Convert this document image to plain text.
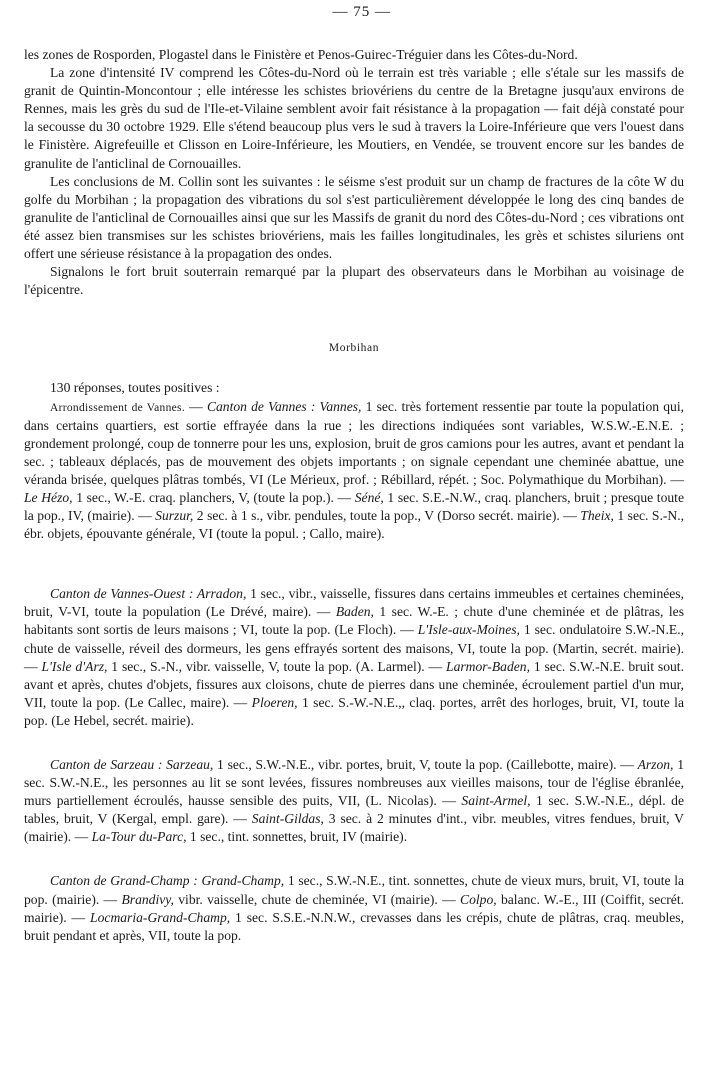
— 75 —

les zones de Rosporden, Plogastel dans le Finistère et Penos-Guirec-Tréguier dans les Côtes-du-Nord.

La zone d'intensité IV comprend les Côtes-du-Nord où le terrain est très variable ; elle s'étale sur les massifs de granit de Quintin-Moncontour ; elle intéresse les schistes briovériens du centre de la Bretagne jusqu'aux environs de Rennes, mais les grès du sud de l'Ile-et-Vilaine semblent avoir fait résistance à la propagation — fait déjà constaté pour la secousse du 30 octobre 1929. Elle s'étend beaucoup plus vers le sud à travers la Loire-Inférieure que vers l'ouest dans le Finistère. Aigrefeuille et Clisson en Loire-Inférieure, les Moutiers, en Vendée, se trouvent encore sur les bandes de granulite de l'anticlinal de Cornouailles.

Les conclusions de M. Collin sont les suivantes : le séisme s'est produit sur un champ de fractures de la côte W du golfe du Morbihan ; la propagation des vibrations du sol s'est particulièrement développée le long des cinq bandes de granulite de l'anticlinal de Cornouailles ainsi que sur les Massifs de granit du nord des Côtes-du-Nord ; ces vibrations ont été assez bien transmises sur les schistes briovériens, mais les failles longitudinales, les grès et schistes siluriens ont offert une sérieuse résistance à la propagation des ondes.

Signalons le fort bruit souterrain remarqué par la plupart des observateurs dans le Morbihan au voisinage de l'épicentre.

Morbihan

130 réponses, toutes positives :

Arrondissement de Vannes. — Canton de Vannes : Vannes, 1 sec. très fortement ressentie par toute la population qui, dans certains quartiers, est sortie effrayée dans la rue ; les directions indiquées sont variables, W.S.W.-E.N.E. ; grondement prolongé, coup de tonnerre pour les uns, explosion, bruit de gros camions pour les autres, avant et pendant la sec. ; tableaux déplacés, pas de mouvement des objets importants ; on signale cependant une cheminée abattue, une véranda brisée, quelques plâtras tombés, VI (Le Mérieux, prof. ; Rébillard, répét. ; Soc. Polymathique du Morbihan). — Le Hézo, 1 sec., W.-E. craq. planchers, V, (toute la pop.). — Séné, 1 sec. S.E.-N.W., craq. planchers, bruit ; presque toute la pop., IV, (mairie). — Surzur, 2 sec. à 1 s., vibr. pendules, toute la pop., V (Dorso secrét. mairie). — Theix, 1 sec. S.-N., ébr. objets, épouvante générale, VI (toute la popul. ; Callo, maire).

Canton de Vannes-Ouest : Arradon, 1 sec., vibr., vaisselle, fissures dans certains immeubles et certaines cheminées, bruit, V-VI, toute la population (Le Drévé, maire). — Baden, 1 sec. W.-E. ; chute d'une cheminée et de plâtras, les habitants sont sortis de leurs maisons ; VI, toute la pop. (Le Floch). — L'Isle-aux-Moines, 1 sec. ondulatoire S.W.-N.E., chute de vaisselle, réveil des dormeurs, les gens effrayés sortent des maisons, VI, toute la pop. (Martin, secrét. mairie). — L'Isle d'Arz, 1 sec., S.-N., vibr. vaisselle, V, toute la pop. (A. Larmel). — Larmor-Baden, 1 sec. S.W.-N.E. bruit sout. avant et après, chutes d'objets, fissures aux cloisons, chute de pierres dans une cheminée, écroulement partiel d'un mur, VII, toute la pop. (Le Callec, maire). — Ploeren, 1 sec. S.-W.-N.E.,, claq. portes, arrêt des horloges, bruit, VI, toute la pop. (Le Hebel, secrét. mairie).

Canton de Sarzeau : Sarzeau, 1 sec., S.W.-N.E., vibr. portes, bruit, V, toute la pop. (Caillebotte, maire). — Arzon, 1 sec. S.W.-N.E., les personnes au lit se sont levées, fissures nombreuses aux vieilles maisons, tour de l'église ébranlée, murs partiellement écroulés, hausse sensible des puits, VII, (L. Nicolas). — Saint-Armel, 1 sec. S.W.-N.E., dépl. de tables, bruit, V (Kergal, empl. gare). — Saint-Gildas, 3 sec. à 2 minutes d'int., vibr. meubles, vitres fendues, bruit, V (mairie). — La-Tour du-Parc, 1 sec., tint. sonnettes, bruit, IV (mairie).

Canton de Grand-Champ : Grand-Champ, 1 sec., S.W.-N.E., tint. sonnettes, chute de vieux murs, bruit, VI, toute la pop. (mairie). — Brandivy, vibr. vaisselle, chute de cheminée, VI (mairie). — Colpo, balanc. W.-E., III (Coiffit, secrét. mairie). — Locmaria-Grand-Champ, 1 sec. S.S.E.-N.N.W., crevasses dans les crépis, chute de plâtras, craq. meubles, bruit pendant et après, VII, toute la pop.
